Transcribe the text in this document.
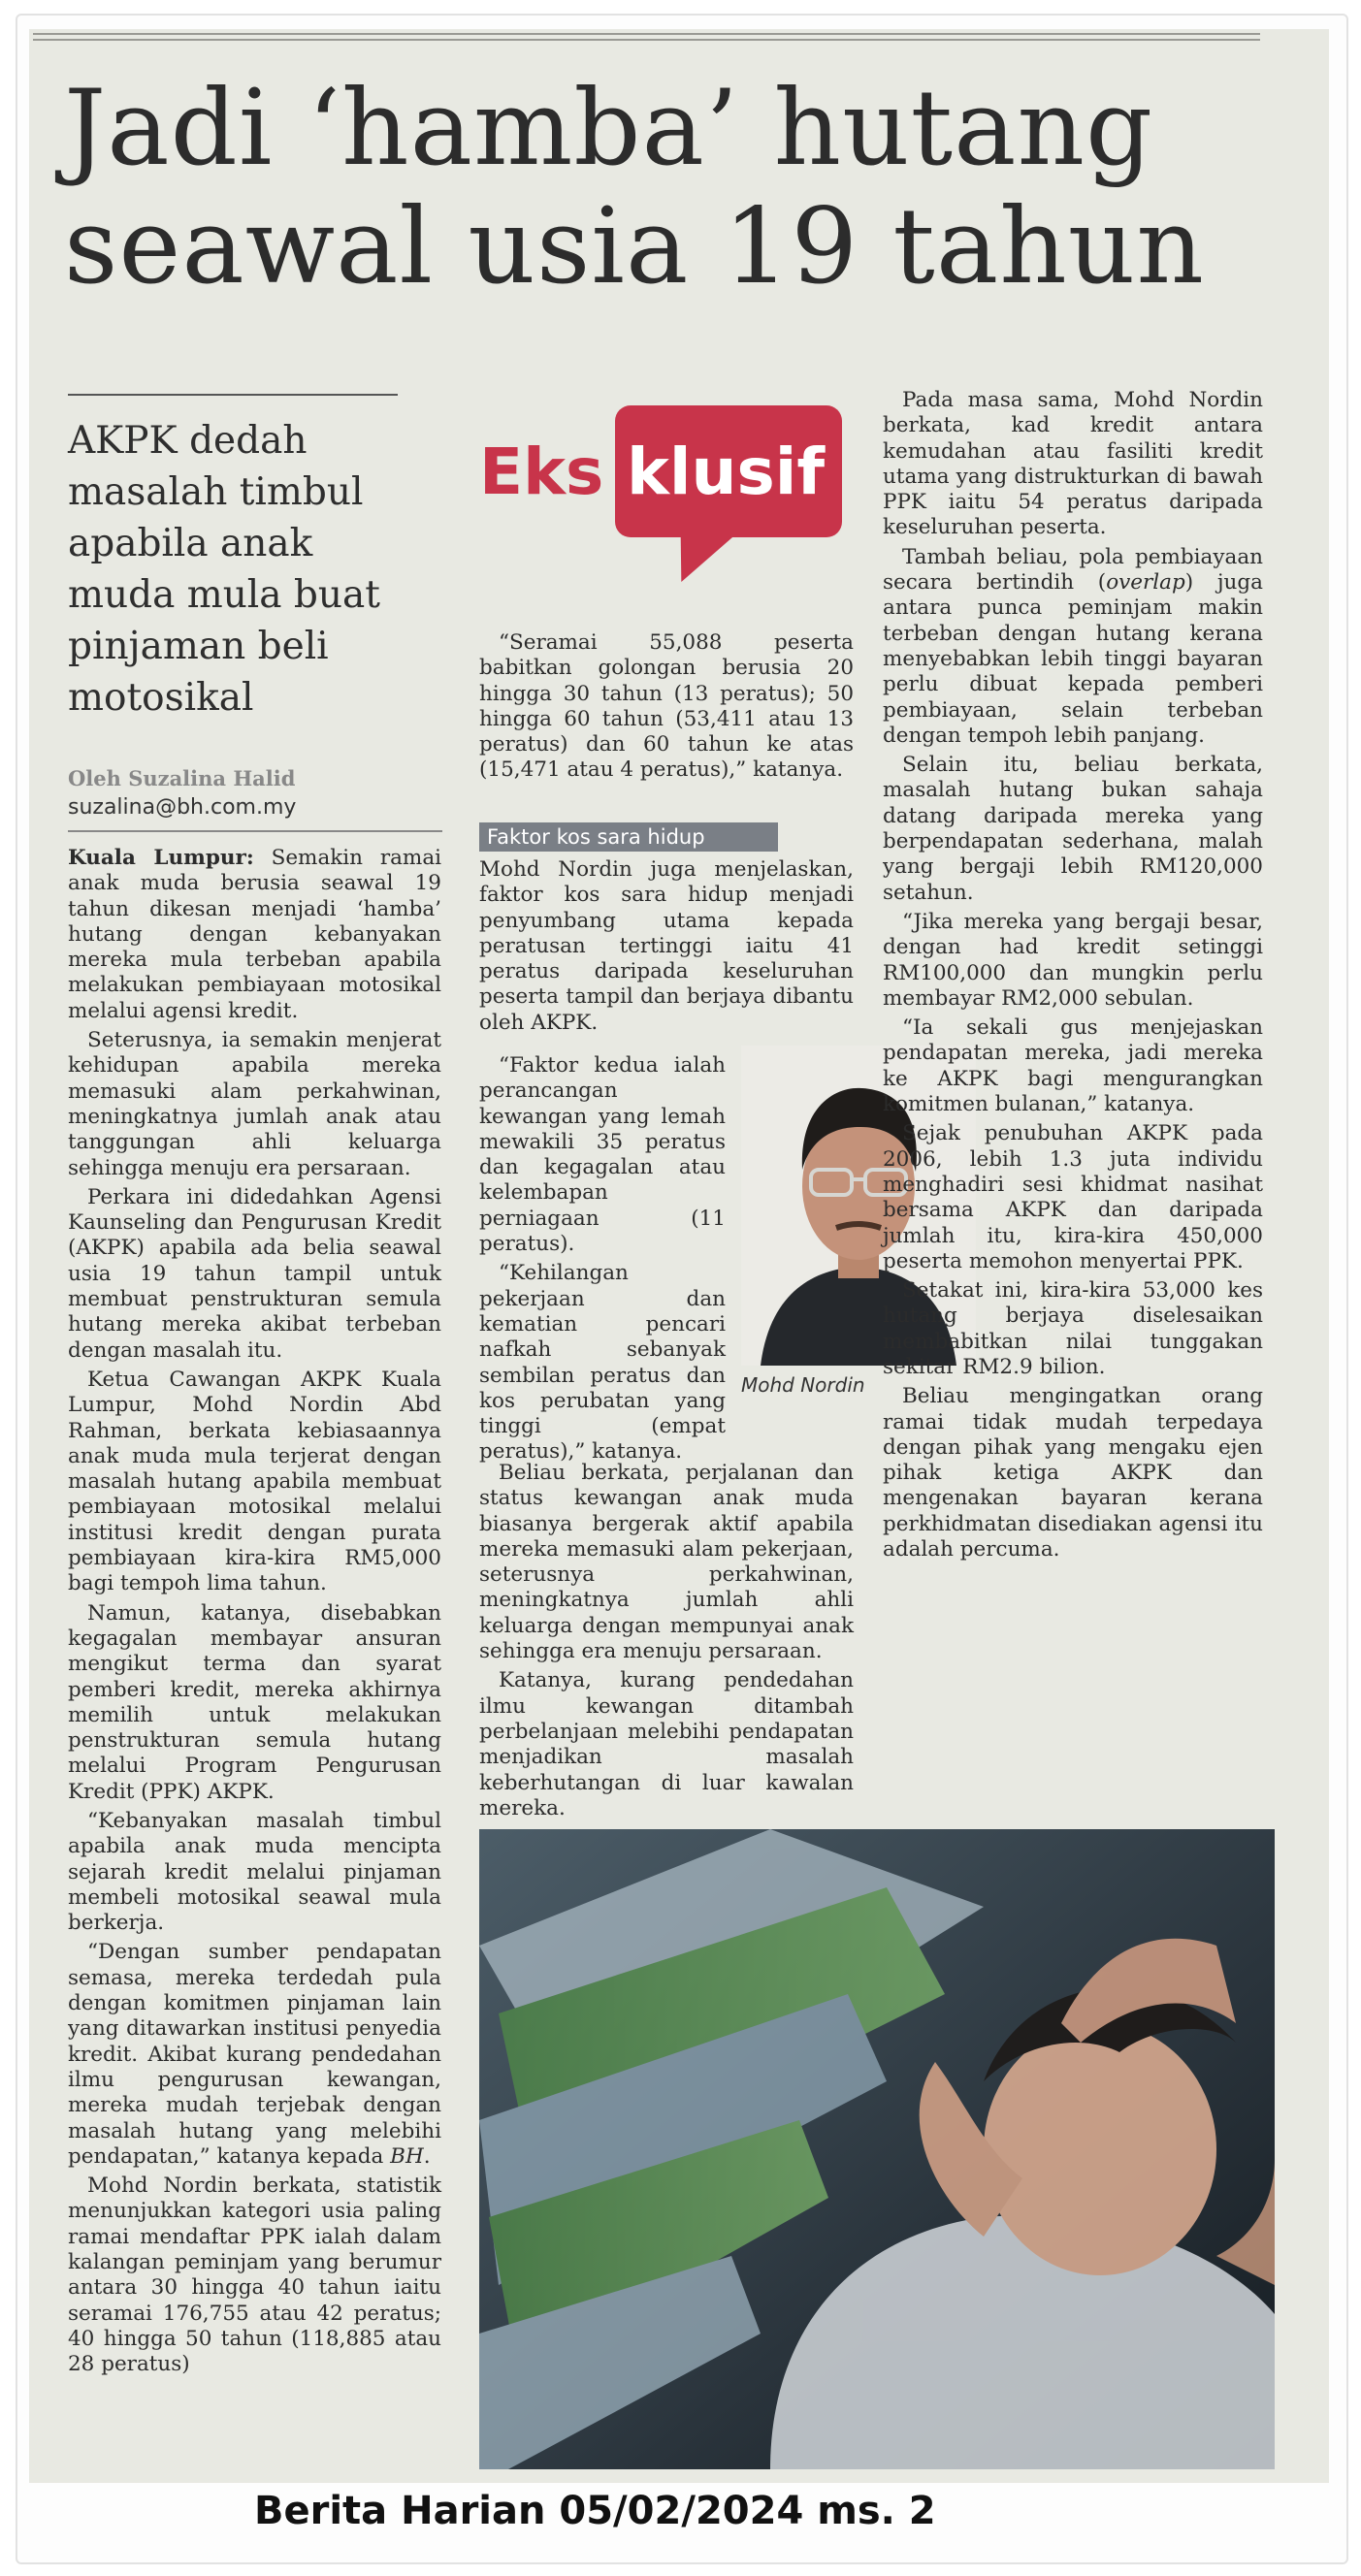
Jadi ‘hamba’ hutang
seawal usia 19 tahun

AKPK dedah masalah timbul apabila anak muda mula buat pinjaman beli motosikal

Oleh Suzalina Halid
suzalina@bh.com.my

Kuala Lumpur: Semakin ramai anak muda berusia seawal 19 tahun dikesan menjadi ‘hamba’ hutang dengan kebanyakan mereka mula terbeban apabila melakukan pembiayaan motosikal melalui agensi kredit.

Seterusnya, ia semakin menjerat kehidupan apabila mereka memasuki alam perkahwinan, meningkatnya jumlah anak atau tanggungan ahli keluarga sehingga menuju era persaraan.

Perkara ini didedahkan Agensi Kaunseling dan Pengurusan Kredit (AKPK) apabila ada belia seawal usia 19 tahun tampil untuk membuat penstrukturan semula hutang mereka akibat terbeban dengan masalah itu.

Ketua Cawangan AKPK Kuala Lumpur, Mohd Nordin Abd Rahman, berkata kebiasaannya anak muda mula terjerat dengan masalah hutang apabila membuat pembiayaan motosikal melalui institusi kredit dengan purata pembiayaan kira-kira RM5,000 bagi tempoh lima tahun.

Namun, katanya, disebabkan kegagalan membayar ansuran mengikut terma dan syarat pemberi kredit, mereka akhirnya memilih untuk melakukan penstrukturan semula hutang melalui Program Pengurusan Kredit (PPK) AKPK.

“Kebanyakan masalah timbul apabila anak muda mencipta sejarah kredit melalui pinjaman membeli motosikal seawal mula berkerja.

“Dengan sumber pendapatan semasa, mereka terdedah pula dengan komitmen pinjaman lain yang ditawarkan institusi penyedia kredit. Akibat kurang pendedahan ilmu pengurusan kewangan, mereka mudah terjebak dengan masalah hutang yang melebihi pendapatan,” katanya kepada BH.

Mohd Nordin berkata, statistik menunjukkan kategori usia paling ramai mendaftar PPK ialah dalam kalangan peminjam yang berumur antara 30 hingga 40 tahun iaitu seramai 176,755 atau 42 peratus; 40 hingga 50 tahun (118,885 atau 28 peratus)

Eks klusif

“Seramai 55,088 peserta babitkan golongan berusia 20 hingga 30 tahun (13 peratus); 50 hingga 60 tahun (53,411 atau 13 peratus) dan 60 tahun ke atas (15,471 atau 4 peratus),” katanya.

Faktor kos sara hidup

Mohd Nordin juga menjelaskan, faktor kos sara hidup menjadi penyumbang utama kepada peratusan tertinggi iaitu 41 peratus daripada keseluruhan peserta tampil dan berjaya dibantu oleh AKPK.

“Faktor kedua ialah perancangan kewangan yang lemah mewakili 35 peratus dan kegagalan atau kelembapan perniagaan (11 peratus).

“Kehilangan pekerjaan dan kematian pencari nafkah sebanyak sembilan peratus dan kos perubatan yang tinggi (empat peratus),” katanya.

Beliau berkata, perjalanan dan status kewangan anak muda biasanya bergerak aktif apabila mereka memasuki alam pekerjaan, seterusnya perkahwinan, meningkatnya jumlah ahli keluarga dengan mempunyai anak sehingga era menuju persaraan.

Katanya, kurang pendedahan ilmu kewangan ditambah perbelanjaan melebihi pendapatan menjadikan masalah keberhutangan di luar kawalan mereka.

Mohd Nordin

Pada masa sama, Mohd Nordin berkata, kad kredit antara kemudahan atau fasiliti kredit utama yang distrukturkan di bawah PPK iaitu 54 peratus daripada keseluruhan peserta.

Tambah beliau, pola pembiayaan secara bertindih (overlap) juga antara punca peminjam makin terbeban dengan hutang kerana menyebabkan lebih tinggi bayaran perlu dibuat kepada pemberi pembiayaan, selain terbeban dengan tempoh lebih panjang.

Selain itu, beliau berkata, masalah hutang bukan sahaja datang daripada mereka yang berpendapatan sederhana, malah yang bergaji lebih RM120,000 setahun.

“Jika mereka yang bergaji besar, dengan had kredit setinggi RM100,000 dan mungkin perlu membayar RM2,000 sebulan.

“Ia sekali gus menjejaskan pendapatan mereka, jadi mereka ke AKPK bagi mengurangkan komitmen bulanan,” katanya.

Sejak penubuhan AKPK pada 2006, lebih 1.3 juta individu menghadiri sesi khidmat nasihat bersama AKPK dan daripada jumlah itu, kira-kira 450,000 peserta memohon menyertai PPK.

Setakat ini, kira-kira 53,000 kes hutang berjaya diselesaikan membabitkan nilai tunggakan sekitar RM2.9 bilion.

Beliau mengingatkan orang ramai tidak mudah terpedaya dengan pihak yang mengaku ejen pihak ketiga AKPK dan mengenakan bayaran kerana perkhidmatan disediakan agensi itu adalah percuma.

Berita Harian 05/02/2024 ms. 2
